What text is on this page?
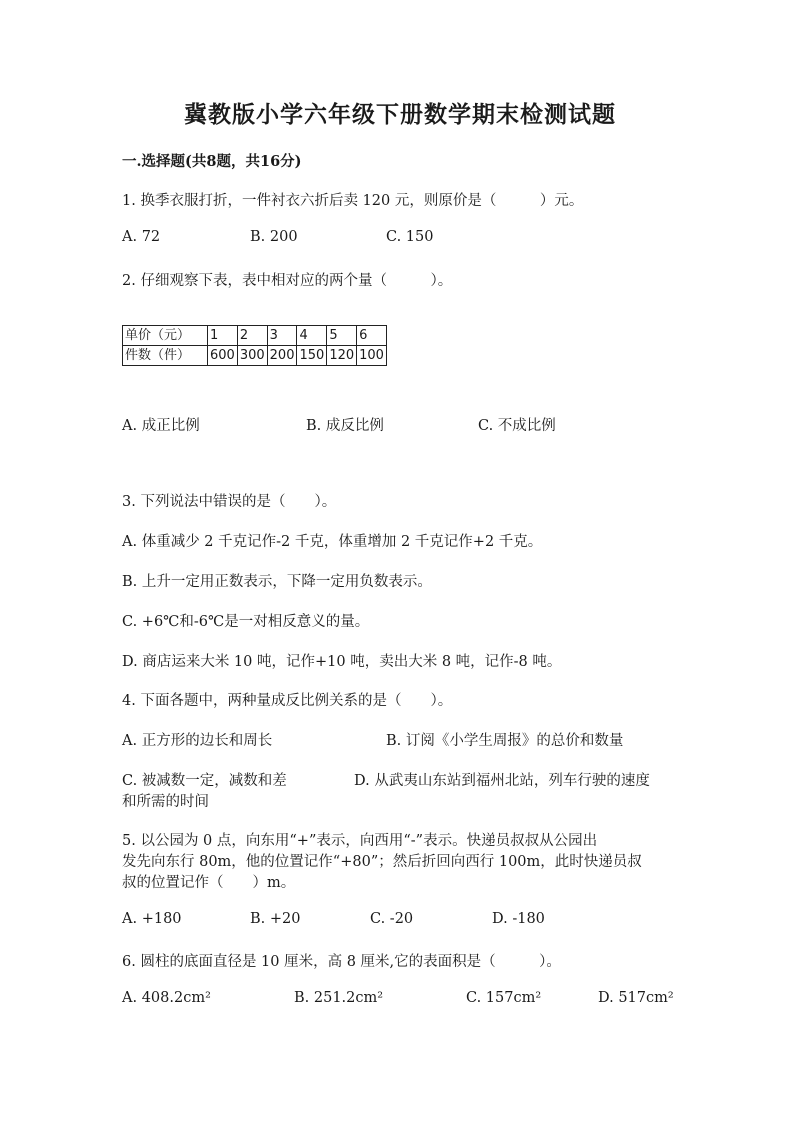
冀教版小学六年级下册数学期末检测试题
一.选择题(共8题，共16分)
1. 换季衣服打折，一件衬衣六折后卖 120 元，则原价是（　　　）元。
A. 72	B. 200	C. 150
2. 仔细观察下表，表中相对应的两个量（　　　）。
单价（元）	1	2	3	4	5	6
件数（件）	600	300	200	150	120	100
A. 成正比例	B. 成反比例	C. 不成比例
3. 下列说法中错误的是（　　）。
A. 体重减少 2 千克记作-2 千克，体重增加 2 千克记作+2 千克。
B. 上升一定用正数表示，下降一定用负数表示。
C. +6℃和-6℃是一对相反意义的量。
D. 商店运来大米 10 吨，记作+10 吨，卖出大米 8 吨，记作-8 吨。
4. 下面各题中，两种量成反比例关系的是（　　）。
A. 正方形的边长和周长	B. 订阅《小学生周报》的总价和数量
C. 被减数一定，减数和差	D. 从武夷山东站到福州北站，列车行驶的速度
和所需的时间
5. 以公园为 0 点，向东用“+”表示，向西用“-”表示。快递员叔叔从公园出
发先向东行 80m，他的位置记作“+80”；然后折回向西行 100m，此时快递员叔
叔的位置记作（　　）m。
A. +180	B. +20	C. -20	D. -180
6. 圆柱的底面直径是 10 厘米，高 8 厘米,它的表面积是（　　　）。
A. 408.2cm²	B. 251.2cm²	C. 157cm²	D. 517cm²
